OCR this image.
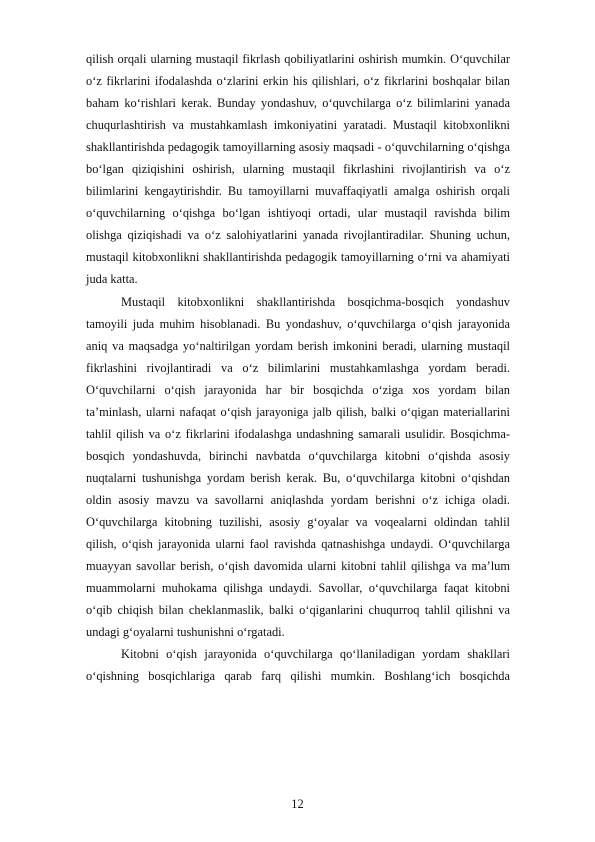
qilish orqali ularning mustaqil fikrlash qobiliyatlarini oshirish mumkin. O‘quvchilar o‘z fikrlarini ifodalashda o‘zlarini erkin his qilishlari, o‘z fikrlarini boshqalar bilan baham ko‘rishlari kerak. Bunday yondashuv, o‘quvchilarga o‘z bilimlarini yanada chuqurlashtirish va mustahkamlash imkoniyatini yaratadi. Mustaqil kitobxonlikni shakllantirishda pedagogik tamoyillarning asosiy maqsadi - o‘quvchilarning o‘qishga bo‘lgan qiziqishini oshirish, ularning mustaqil fikrlashini rivojlantirish va o‘z bilimlarini kengaytirishdir. Bu tamoyillarni muvaffaqiyatli amalga oshirish orqali o‘quvchilarning o‘qishga bo‘lgan ishtiyoqi ortadi, ular mustaqil ravishda bilim olishga qiziqishadi va o‘z salohiyatlarini yanada rivojlantiradilar. Shuning uchun, mustaqil kitobxonlikni shakllantirishda pedagogik tamoyillarning o‘rni va ahamiyati juda katta.

Mustaqil kitobxonlikni shakllantirishda bosqichma-bosqich yondashuv tamoyili juda muhim hisoblanadi. Bu yondashuv, o‘quvchilarga o‘qish jarayonida aniq va maqsadga yo‘naltirilgan yordam berish imkonini beradi, ularning mustaqil fikrlashini rivojlantiradi va o‘z bilimlarini mustahkamlashga yordam beradi. O‘quvchilarni o‘qish jarayonida har bir bosqichda o‘ziga xos yordam bilan ta’minlash, ularni nafaqat o‘qish jarayoniga jalb qilish, balki o‘qigan materiallarini tahlil qilish va o‘z fikrlarini ifodalashga undashning samarali usulidir. Bosqichma-bosqich yondashuvda, birinchi navbatda o‘quvchilarga kitobni o‘qishda asosiy nuqtalarni tushunishga yordam berish kerak. Bu, o‘quvchilarga kitobni o‘qishdan oldin asosiy mavzu va savollarni aniqlashda yordam berishni o‘z ichiga oladi. O‘quvchilarga kitobning tuzilishi, asosiy g‘oyalar va voqealarni oldindan tahlil qilish, o‘qish jarayonida ularni faol ravishda qatnashishga undaydi. O‘quvchilarga muayyan savollar berish, o‘qish davomida ularni kitobni tahlil qilishga va ma’lum muammolarni muhokama qilishga undaydi. Savollar, o‘quvchilarga faqat kitobni o‘qib chiqish bilan cheklanmaslik, balki o‘qiganlarini chuqurroq tahlil qilishni va undagi g‘oyalarni tushunishni o‘rgatadi.

Kitobni o‘qish jarayonida o‘quvchilarga qo‘llaniladigan yordam shakllari o‘qishning bosqichlariga qarab farq qilishi mumkin. Boshlang‘ich bosqichda

12
